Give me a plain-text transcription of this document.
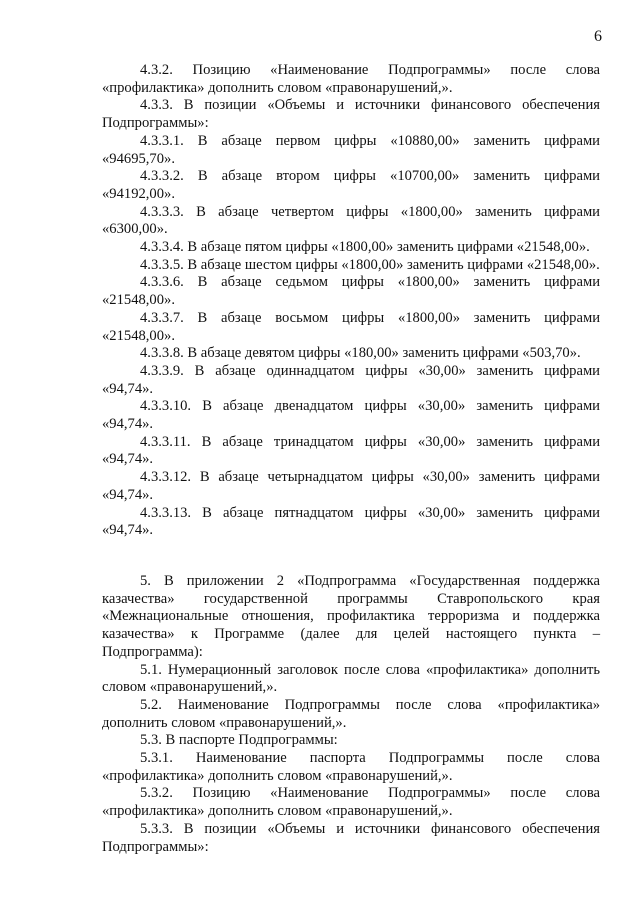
6

4.3.2. Позицию «Наименование Подпрограммы» после слова «профилактика» дополнить словом «правонарушений,».

4.3.3. В позиции «Объемы и источники финансового обеспечения Подпрограммы»:

4.3.3.1. В абзаце первом цифры «10880,00» заменить цифрами «94695,70».

4.3.3.2. В абзаце втором цифры «10700,00» заменить цифрами «94192,00».

4.3.3.3. В абзаце четвертом цифры «1800,00» заменить цифрами «6300,00».

4.3.3.4. В абзаце пятом цифры «1800,00» заменить цифрами «21548,00».

4.3.3.5. В абзаце шестом цифры «1800,00» заменить цифрами «21548,00».

4.3.3.6. В абзаце седьмом цифры «1800,00» заменить цифрами «21548,00».

4.3.3.7. В абзаце восьмом цифры «1800,00» заменить цифрами «21548,00».

4.3.3.8. В абзаце девятом цифры «180,00» заменить цифрами «503,70».

4.3.3.9. В абзаце одиннадцатом цифры «30,00» заменить цифрами «94,74».

4.3.3.10. В абзаце двенадцатом цифры «30,00» заменить цифрами «94,74».

4.3.3.11. В абзаце тринадцатом цифры «30,00» заменить цифрами «94,74».

4.3.3.12. В абзаце четырнадцатом цифры «30,00» заменить цифрами «94,74».

4.3.3.13. В абзаце пятнадцатом цифры «30,00» заменить цифрами «94,74».

5. В приложении 2 «Подпрограмма «Государственная поддержка казачества» государственной программы Ставропольского края «Межнациональные отношения, профилактика терроризма и поддержка казачества» к Программе (далее для целей настоящего пункта – Подпрограмма):

5.1. Нумерационный заголовок после слова «профилактика» дополнить словом «правонарушений,».

5.2. Наименование Подпрограммы после слова «профилактика» дополнить словом «правонарушений,».

5.3. В паспорте Подпрограммы:

5.3.1. Наименование паспорта Подпрограммы после слова «профилактика» дополнить словом «правонарушений,».

5.3.2. Позицию «Наименование Подпрограммы» после слова «профилактика» дополнить словом «правонарушений,».

5.3.3. В позиции «Объемы и источники финансового обеспечения Подпрограммы»:
